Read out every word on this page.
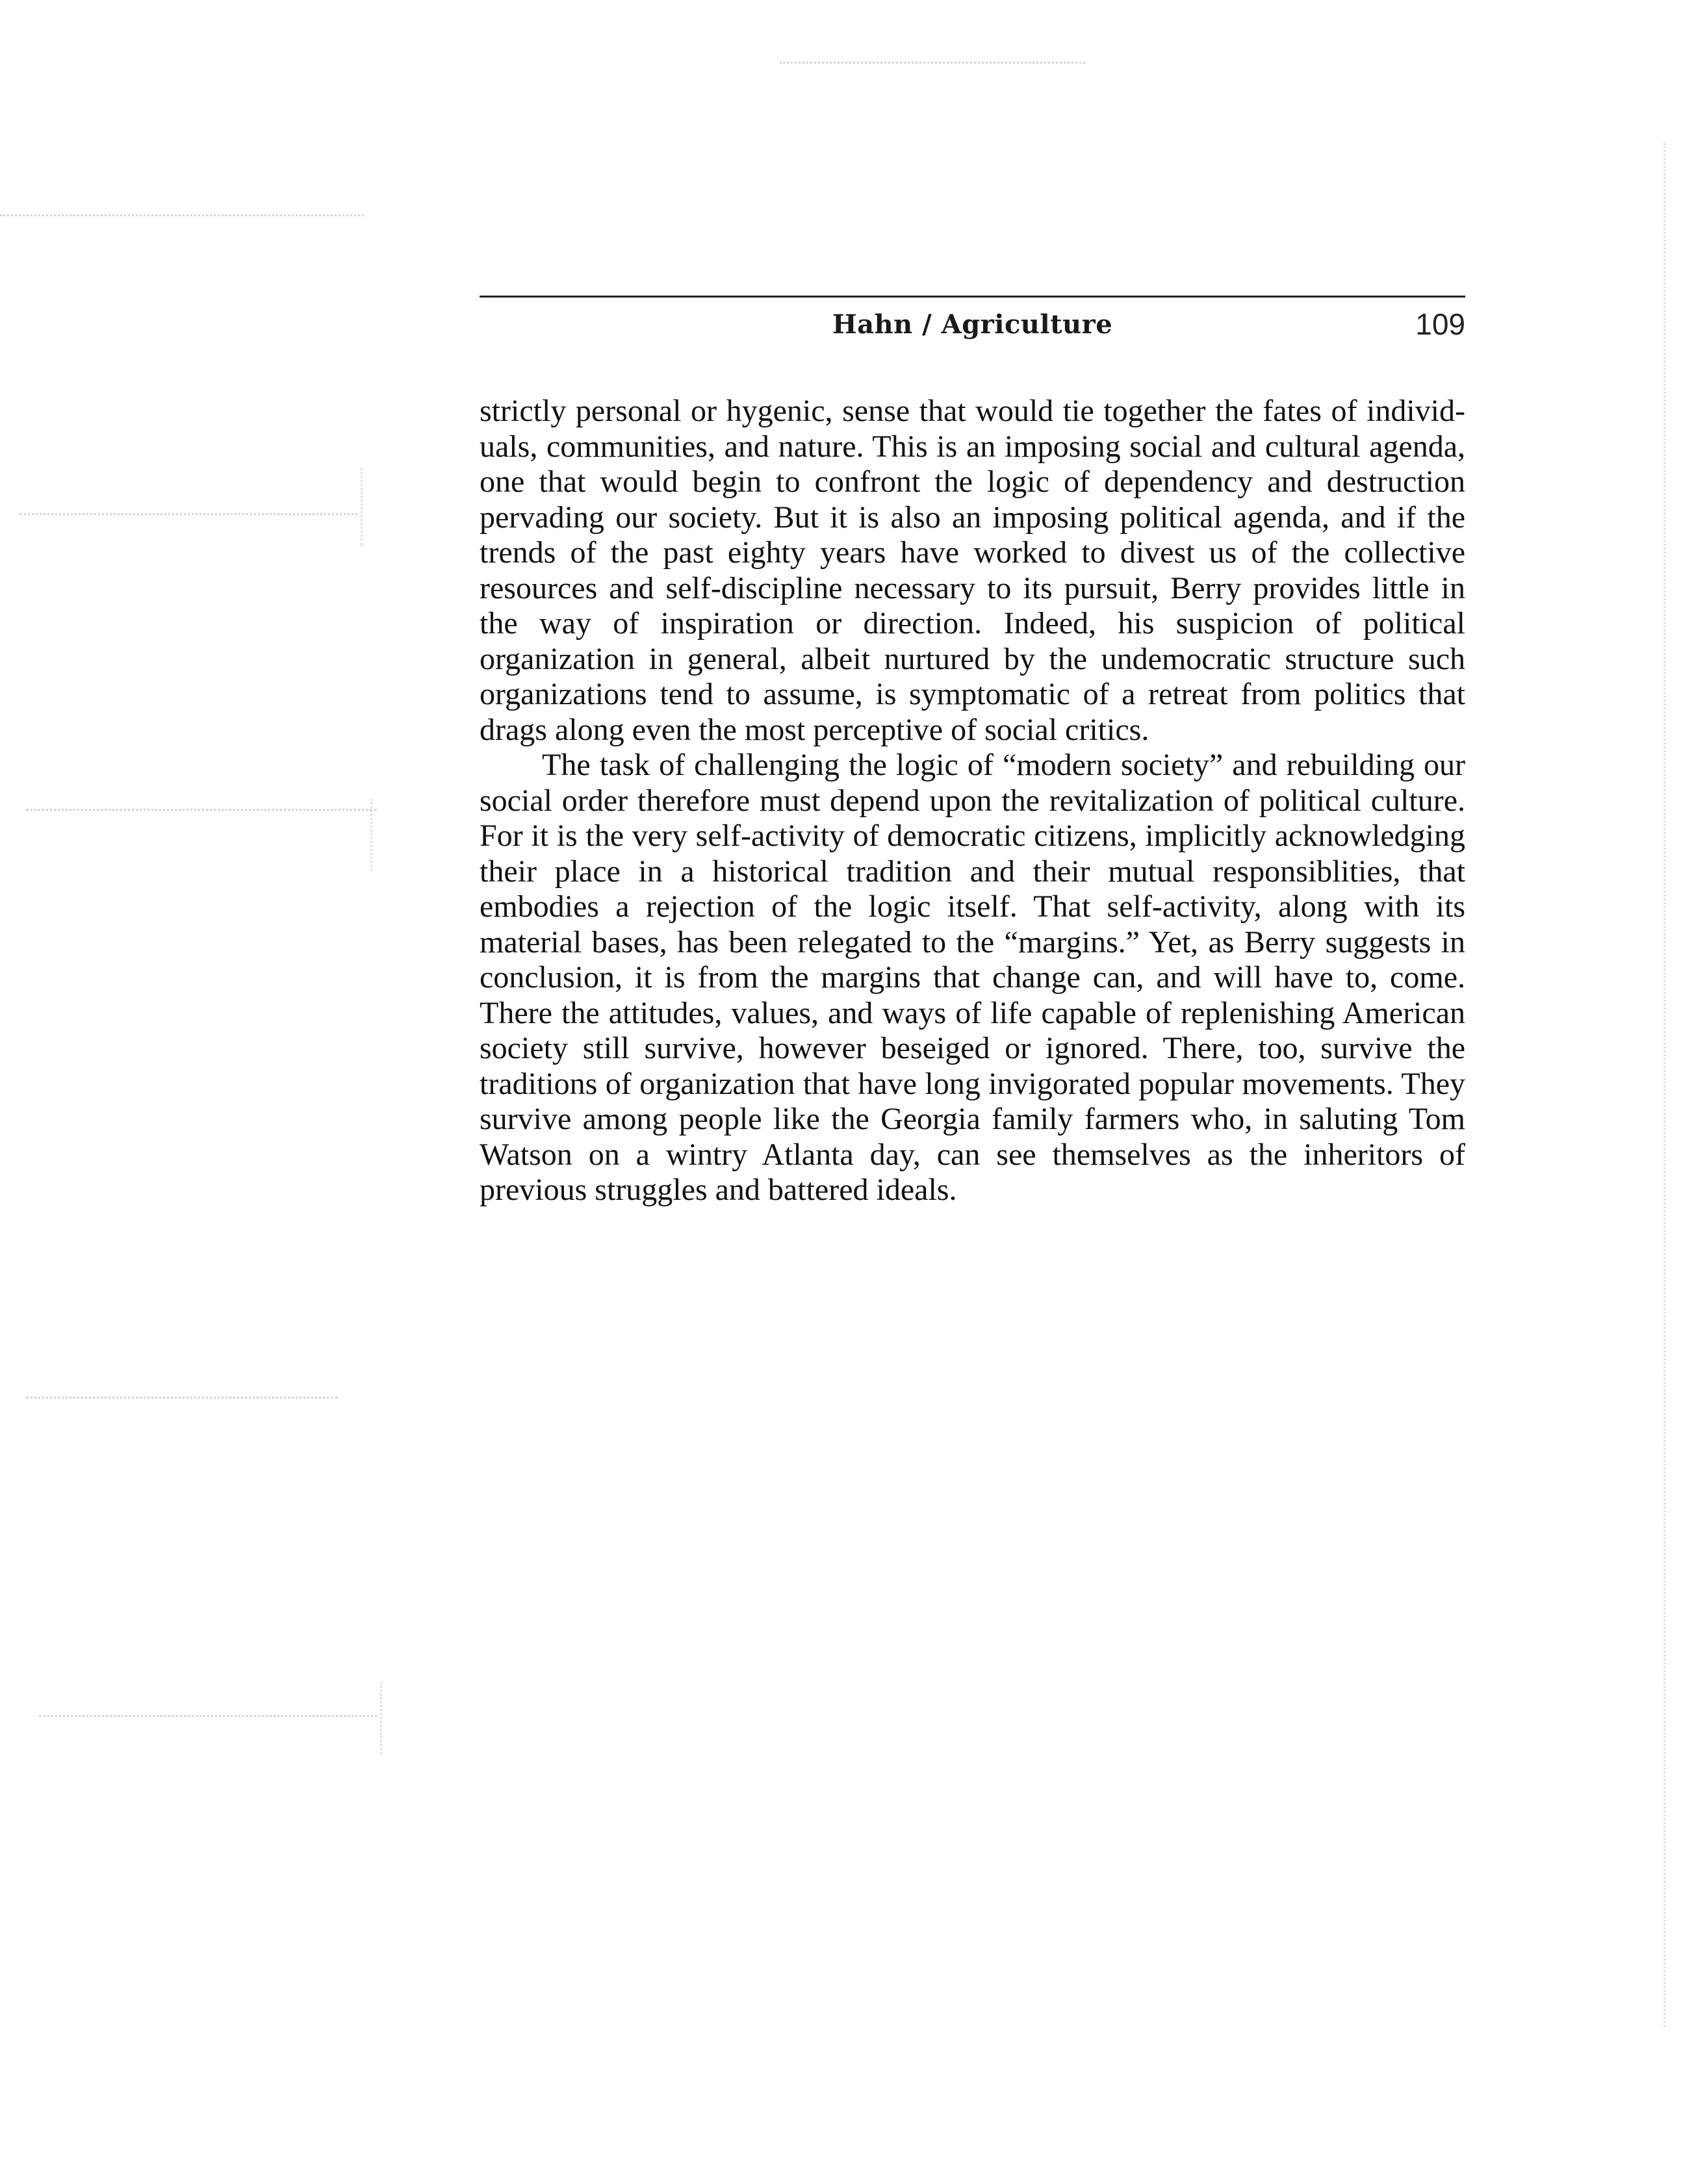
Hahn / Agriculture	109

strictly personal or hygenic, sense that would tie together the fates of individuals, communities, and nature. This is an imposing social and cultural agenda, one that would begin to confront the logic of dependency and destruction pervading our society. But it is also an imposing political agenda, and if the trends of the past eighty years have worked to divest us of the collective resources and self-discipline necessary to its pursuit, Berry provides little in the way of inspiration or direction. Indeed, his suspicion of political organization in general, albeit nurtured by the undemocratic structure such organizations tend to assume, is symptomatic of a retreat from politics that drags along even the most perceptive of social critics.

The task of challenging the logic of “modern society” and rebuilding our social order therefore must depend upon the revitalization of political culture. For it is the very self-activity of democratic citizens, implicitly acknowledging their place in a historical tradition and their mutual responsiblities, that embodies a rejection of the logic itself. That self-activity, along with its material bases, has been relegated to the “margins.” Yet, as Berry suggests in conclusion, it is from the margins that change can, and will have to, come. There the attitudes, values, and ways of life capable of replenishing American society still survive, however beseiged or ignored. There, too, survive the traditions of organization that have long invigorated popular movements. They survive among people like the Georgia family farmers who, in saluting Tom Watson on a wintry Atlanta day, can see themselves as the inheritors of previous struggles and battered ideals.
